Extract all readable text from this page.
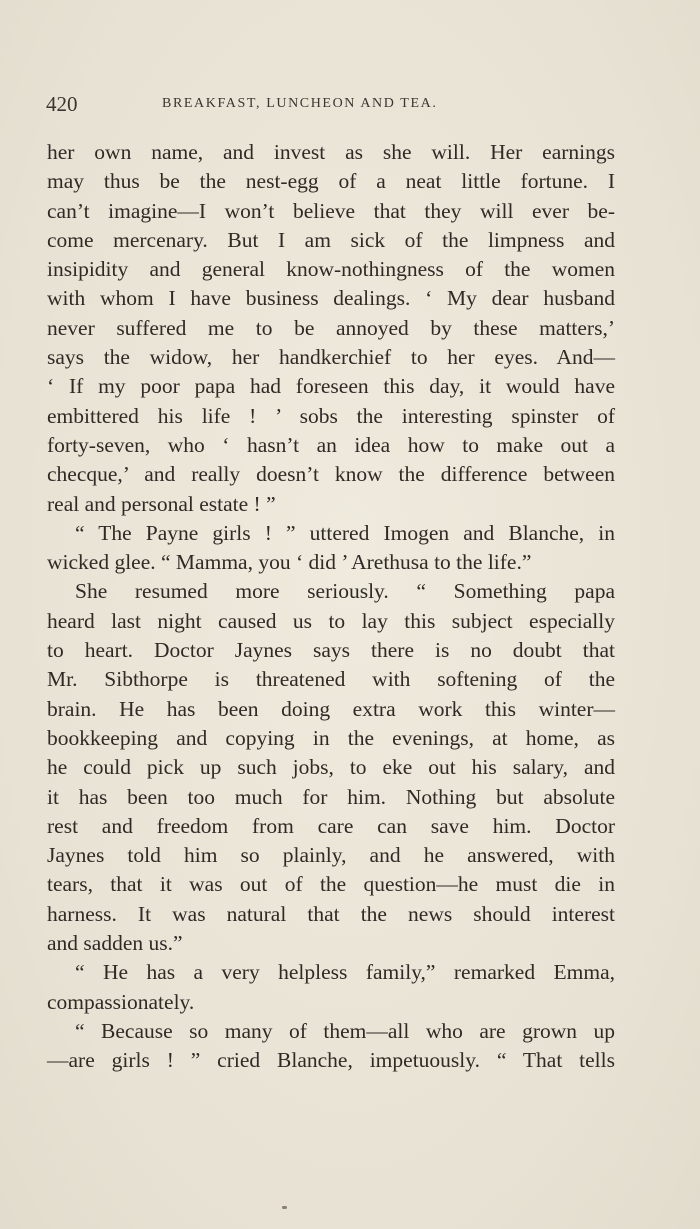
420	BREAKFAST, LUNCHEON AND TEA.
her own name, and invest as she will. Her earnings
may thus be the nest-egg of a neat little fortune. I
can’t imagine—I won’t believe that they will ever be-
come mercenary. But I am sick of the limpness and
insipidity and general know-nothingness of the women
with whom I have business dealings. ‘ My dear husband
never suffered me to be annoyed by these matters,’
says the widow, her handkerchief to her eyes. And—
‘ If my poor papa had foreseen this day, it would have
embittered his life ! ’ sobs the interesting spinster of
forty-seven, who ‘ hasn’t an idea how to make out a
checque,’ and really doesn’t know the difference between
real and personal estate ! ”
“ The Payne girls ! ” uttered Imogen and Blanche, in
wicked glee. “ Mamma, you ‘ did ’ Arethusa to the life.”
She resumed more seriously. “ Something papa
heard last night caused us to lay this subject especially
to heart. Doctor Jaynes says there is no doubt that
Mr. Sibthorpe is threatened with softening of the
brain. He has been doing extra work this winter—
bookkeeping and copying in the evenings, at home, as
he could pick up such jobs, to eke out his salary, and
it has been too much for him. Nothing but absolute
rest and freedom from care can save him. Doctor
Jaynes told him so plainly, and he answered, with
tears, that it was out of the question—he must die in
harness. It was natural that the news should interest
and sadden us.”
“ He has a very helpless family,” remarked Emma,
compassionately.
“ Because so many of them—all who are grown up
—are girls ! ” cried Blanche, impetuously. “ That tells
